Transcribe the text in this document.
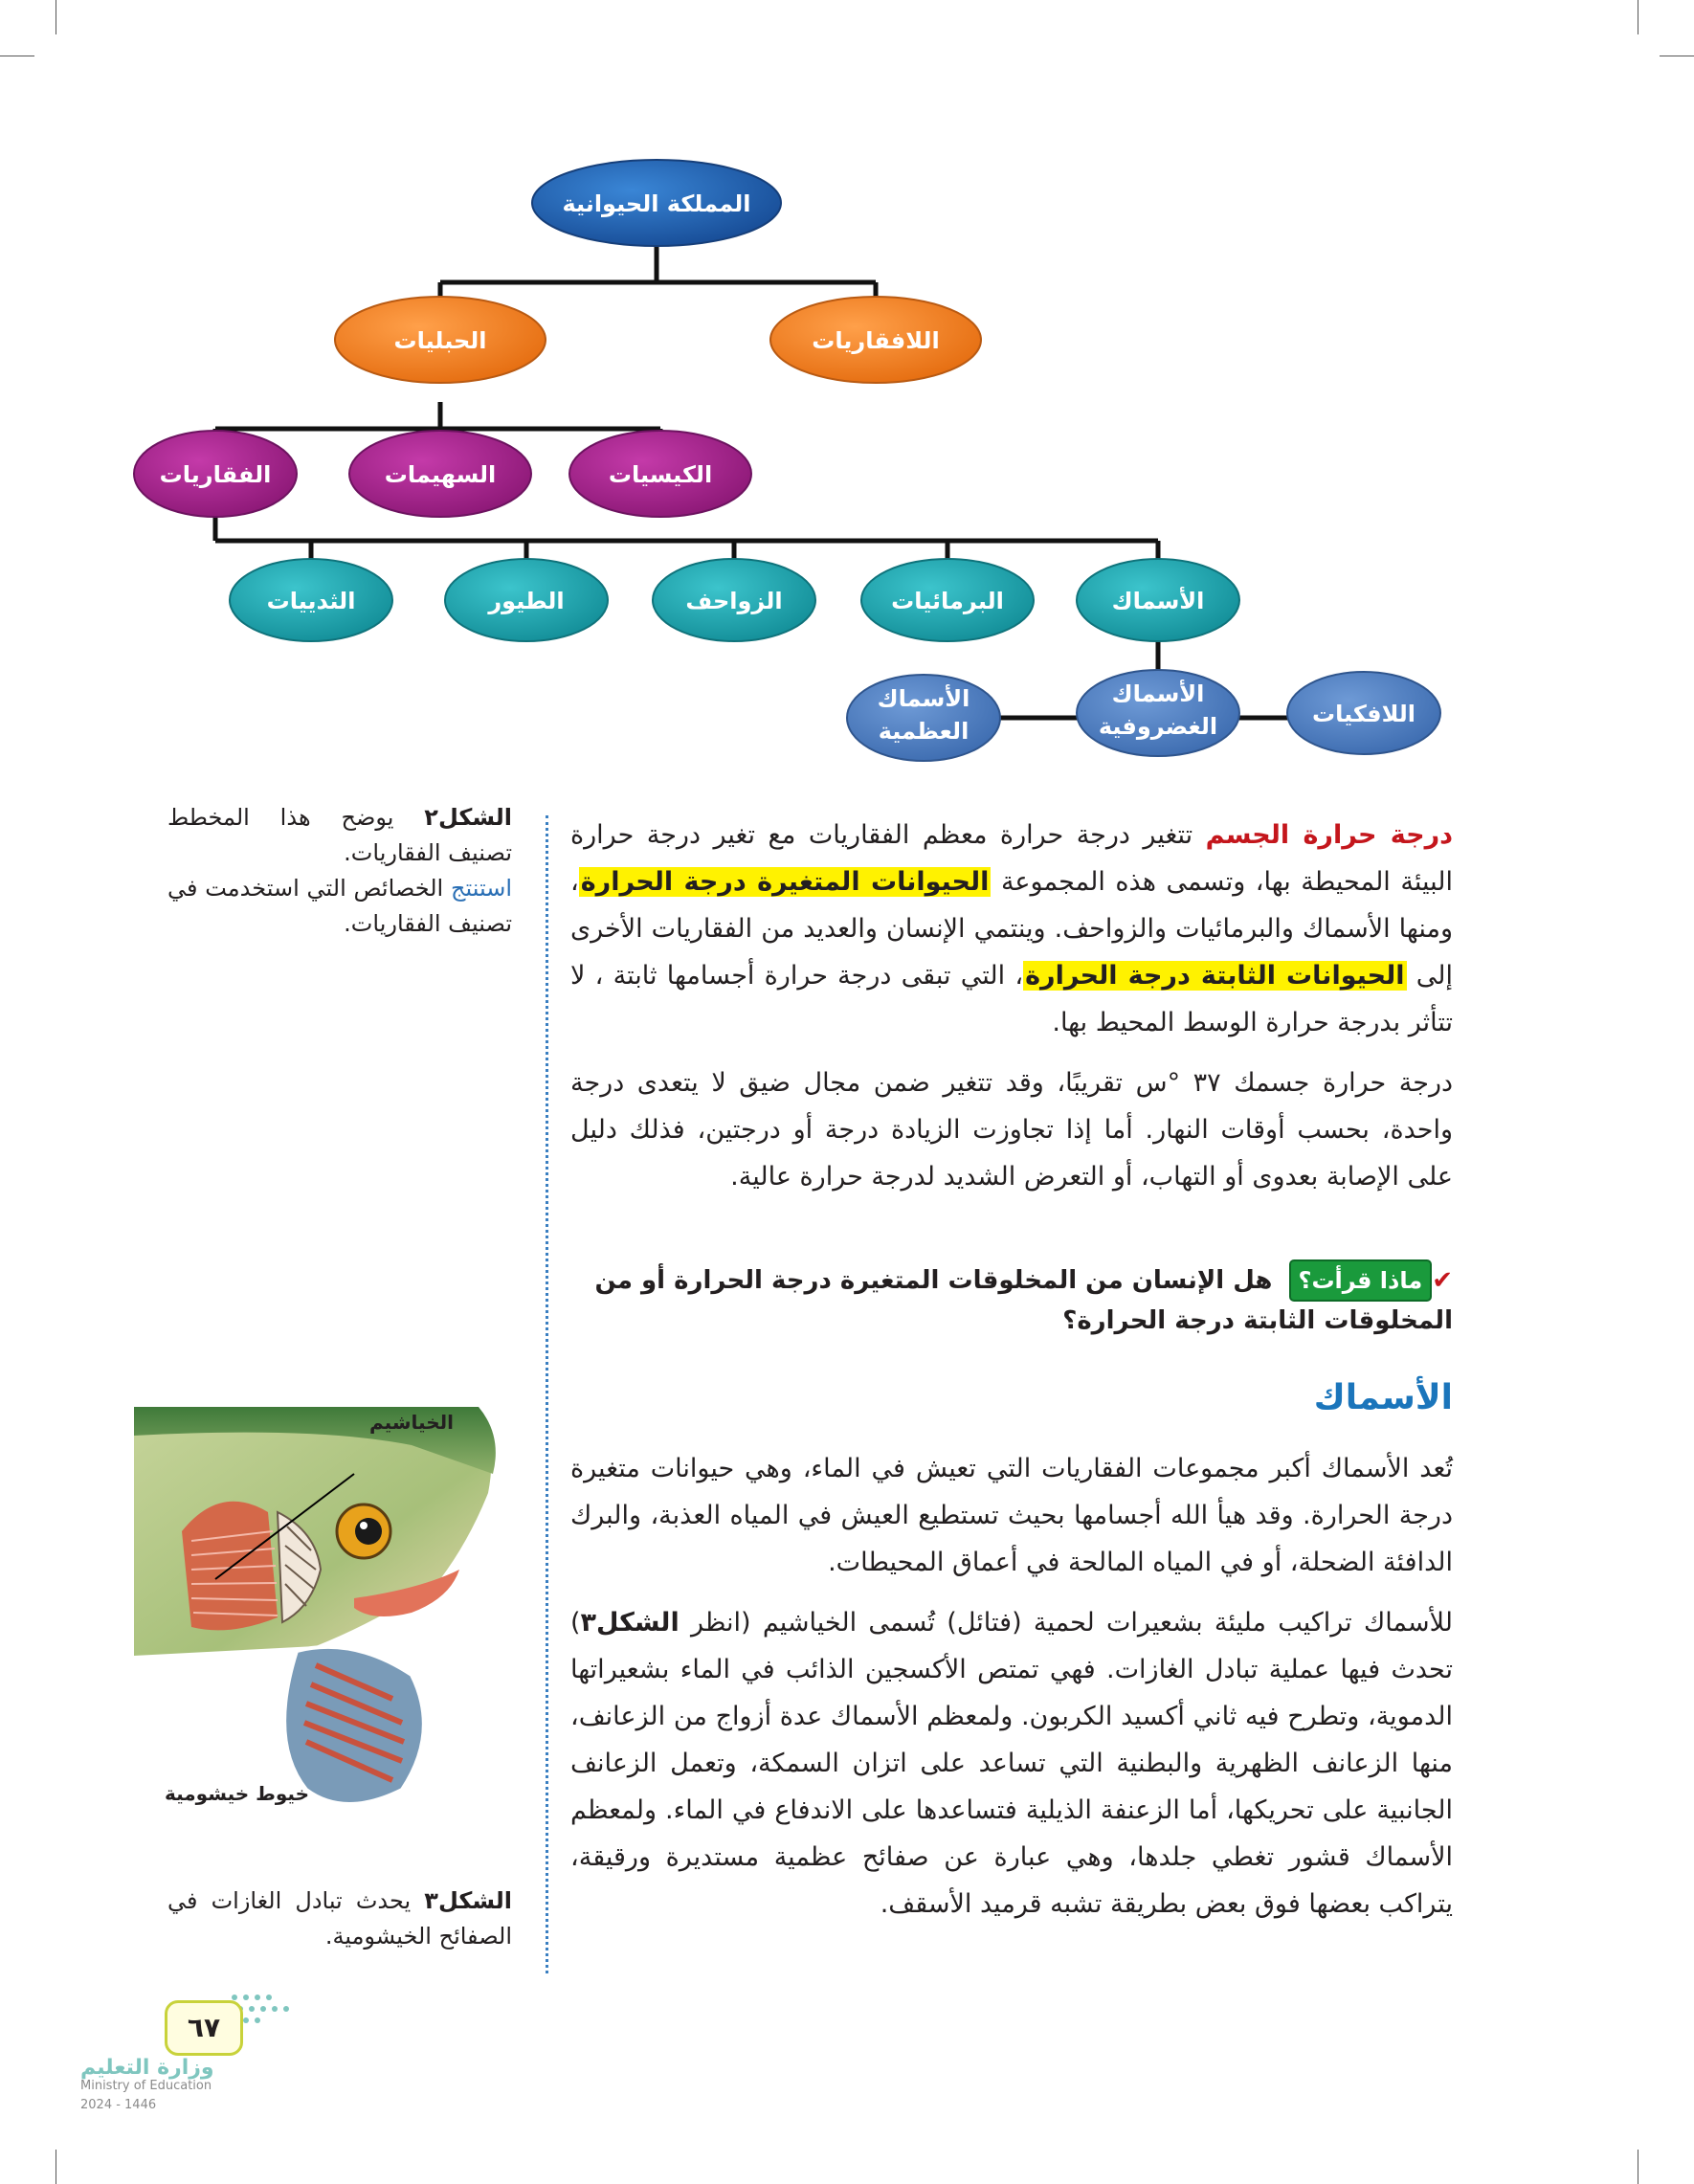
المملكة الحيوانية
الحبليات	اللافقاريات
الفقاريات	السهيمات	الكيسيات
الثدييات	الطيور	الزواحف	البرمائيات	الأسماك
الأسماك
العظمية
الأسماك
الغضروفية	اللافكيات
الشكل٢ يوضح هذا المخطط تصنيف الفقاريات.
استنتج الخصائص التي استخدمت في تصنيف الفقاريات.

درجة حرارة الجسم تتغير درجة حرارة معظم الفقاريات مع تغير درجة حرارة البيئة المحيطة بها، وتسمى هذه المجموعة الحيوانات المتغيرة درجة الحرارة، ومنها الأسماك والبرمائيات والزواحف. وينتمي الإنسان والعديد من الفقاريات الأخرى إلى الحيوانات الثابتة درجة الحرارة، التي تبقى درجة حرارة أجسامها ثابتة ، لا تتأثر بدرجة حرارة الوسط المحيط بها.

درجة حرارة جسمك ٣٧ °س تقريبًا، وقد تتغير ضمن مجال ضيق لا يتعدى درجة واحدة، بحسب أوقات النهار. أما إذا تجاوزت الزيادة درجة أو درجتين، فذلك دليل على الإصابة بعدوى أو التهاب، أو التعرض الشديد لدرجة حرارة عالية.

✔ماذا قرأت؟ هل الإنسان من المخلوقات المتغيرة درجة الحرارة أو من المخلوقات الثابتة درجة الحرارة؟
الأسماك

تُعد الأسماك أكبر مجموعات الفقاريات التي تعيش في الماء، وهي حيوانات متغيرة درجة الحرارة. وقد هيأ الله أجسامها بحيث تستطيع العيش في المياه العذبة، والبرك الدافئة الضحلة، أو في المياه المالحة في أعماق المحيطات.

للأسماك تراكيب مليئة بشعيرات لحمية (فتائل) تُسمى الخياشيم (انظر الشكل٣) تحدث فيها عملية تبادل الغازات. فهي تمتص الأكسجين الذائب في الماء بشعيراتها الدموية، وتطرح فيه ثاني أكسيد الكربون. ولمعظم الأسماك عدة أزواج من الزعانف، منها الزعانف الظهرية والبطنية التي تساعد على اتزان السمكة، وتعمل الزعانف الجانبية على تحريكها، أما الزعنفة الذيلية فتساعدها على الاندفاع في الماء. ولمعظم الأسماك قشور تغطي جلدها، وهي عبارة عن صفائح عظمية مستديرة ورقيقة، يتراكب بعضها فوق بعض بطريقة تشبه قرميد الأسقف.

الخياشيم
خيوط خيشومية
الشكل٣ يحدث تبادل الغازات في الصفائح الخيشومية.
٦٧
وزارة التعليم
Ministry of Education
2024 - 1446
